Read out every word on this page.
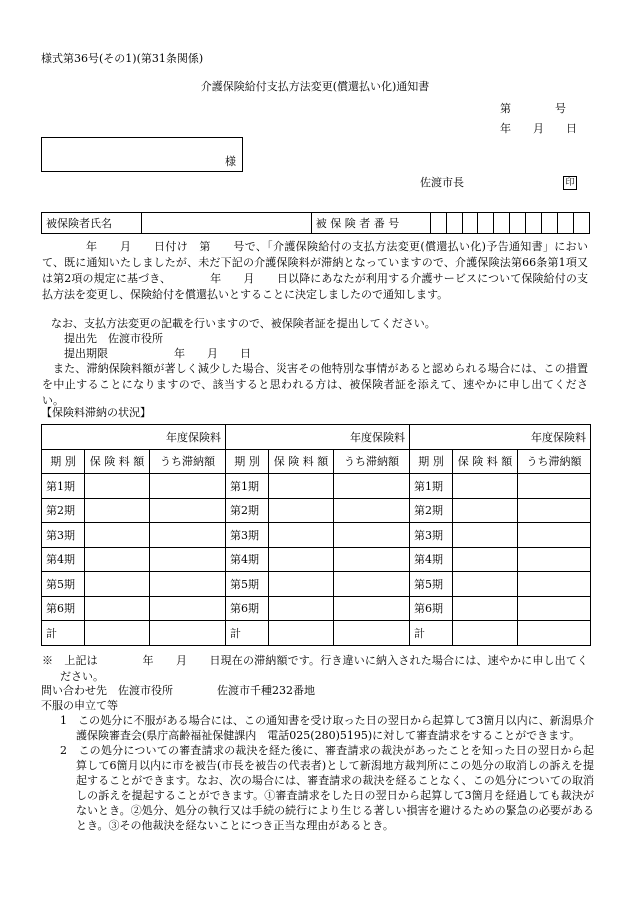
様式第36号(その1)(第31条関係)
介護保険給付支払方法変更(償還払い化)通知書
第　　　　号
年　　月　　日
様
佐渡市長	印
被保険者氏名		被 保 険 者 番 号										

年　　月　　日付け　第　　号で、「介護保険給付の支払方法変更(償還払い化)予告通知書」において、既に通知いたしましたが、未だ下記の介護保険料が滞納となっていますので、介護保険法第66条第1項又は第2項の規定に基づき、　　　　年　　月　　日以降にあなたが利用する介護サービスについて保険給付の支払方法を変更し、保険給付を償還払いとすることに決定しましたので通知します。

なお、支払方法変更の記載を行いますので、被保険者証を提出してください。
提出先　佐渡市役所
提出期限　　　　　　年　　月　　日

また、滞納保険料額が著しく減少した場合、災害その他特別な事情があると認められる場合には、この措置を中止することになりますので、該当すると思われる方は、被保険者証を添えて、速やかに申し出てください。

【保険料滞納の状況】
年度保険料			年度保険料			年度保険料		
期 別	保 険 料 額	うち滞納額	期 別	保 険 料 額	うち滞納額	期 別	保 険 料 額	うち滞納額
第1期			第1期			第1期		
第2期			第2期			第2期		
第3期			第3期			第3期		
第4期			第4期			第4期		
第5期			第5期			第5期		
第6期			第6期			第6期		
計			計			計		

※　上記は　　　　年　　月　　日現在の滞納額です。行き違いに納入された場合には、速やかに申し出てください。

問い合わせ先　佐渡市役所　　　　佐渡市千種232番地
不服の申立て等

1　この処分に不服がある場合には、この通知書を受け取った日の翌日から起算して3箇月以内に、新潟県介護保険審査会(県庁高齢福祉保健課内　電話025(280)5195)に対して審査請求をすることができます。

2　この処分についての審査請求の裁決を経た後に、審査請求の裁決があったことを知った日の翌日から起算して6箇月以内に市を被告(市長を被告の代表者)として新潟地方裁判所にこの処分の取消しの訴えを提起することができます。なお、次の場合には、審査請求の裁決を経ることなく、この処分についての取消しの訴えを提起することができます。①審査請求をした日の翌日から起算して3箇月を経過しても裁決がないとき。②処分、処分の執行又は手続の続行により生じる著しい損害を避けるための緊急の必要があるとき。③その他裁決を経ないことにつき正当な理由があるとき。
